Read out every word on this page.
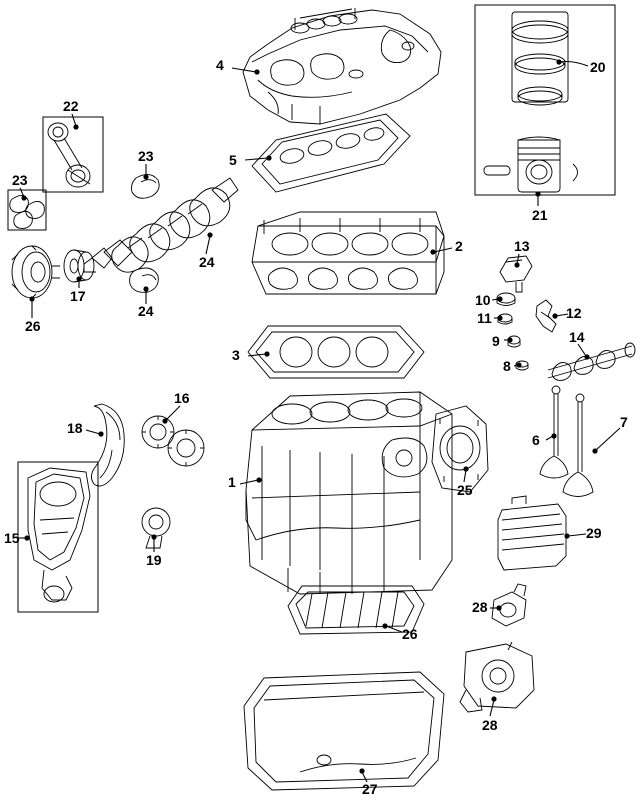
4
5
2
3
1
20
21
13
10
11
9
8
12
14
6
7
25
29
28
28
26
27
24
23
24
22
23
17
26
18
16
19
15
